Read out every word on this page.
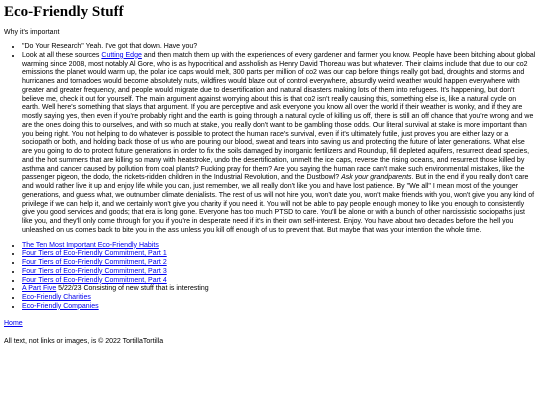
Eco-Friendly Stuff

Why it's important

• "Do Your Research" Yeah. I've got that down. Have you?
• Look at all these sources Cutting Edge and then match them up with the experiences of every gardener and farmer you know. People have been bitching about global warming since 2008, most notably Al Gore, who is as hypocritical and assholish as Henry David Thoreau was but whatever. Their claims include that due to our co2 emissions the planet would warm up, the polar ice caps would melt, 300 parts per million of co2 was our cap before things really got bad, droughts and storms and hurricanes and tornadoes would become absolutely nuts, wildfires would blaze out of control everywhere, absurdly weird weather would happen everywhere with greater and greater frequency, and people would migrate due to desertification and natural disasters making lots of them into refugees. It's happening, but don't believe me, check it out for yourself. The main argument against worrying about this is that co2 isn't really causing this, something else is, like a natural cycle on earth. Well here's something that slays that argument. If you are perceptive and ask everyone you know all over the world if their weather is wonky, and if they are mostly saying yes, then even if you're probably right and the earth is going through a natural cycle of killing us off, there is still an off chance that you're wrong and we are the ones doing this to ourselves, and with so much at stake, you really don't want to be gambling those odds. Our literal survival at stake is more important than you being right. You not helping to do whatever is possible to protect the human race's survival, even if it's ultimately futile, just proves you are either lazy or a sociopath or both, and holding back those of us who are pouring our blood, sweat and tears into saving us and protecting the future of later generations. What else are you going to do to protect future generations in order to fix the soils damaged by inorganic fertilizers and Roundup, fill depleted aquifers, resurrect dead species, and the hot summers that are killing so many with heatstroke, undo the desertification, unmelt the ice caps, reverse the rising oceans, and resurrect those killed by asthma and cancer caused by pollution from coal plants? Fucking pray for them? Are you saying the human race can't make such environmental mistakes, like the passenger pigeon, the dodo, the rickets-ridden children in the Industrial Revolution, and the Dustbowl? Ask your grandparents. But in the end if you really don't care and would rather live it up and enjoy life while you can, just remember, we all really don't like you and have lost patience. By "We all" I mean most of the younger generations, and guess what, we outnumber climate denialists. The rest of us will not hire you, won't date you, won't make friends with you, won't give you any kind of privilege if we can help it, and we certainly won't give you charity if you need it. You will not be able to pay people enough money to like you enough to consistently give you good services and goods; that era is long gone. Everyone has too much PTSD to care. You'll be alone or with a bunch of other narcissistic sociopaths just like you, and they'll only come through for you if you're in desperate need if it's in their own self-interest. Enjoy. You have about two decades before the hell you unleashed on us comes back to bite you in the ass unless you kill off enough of us to prevent that. But maybe that was your intention the whole time.
• The Ten Most Important Eco-Friendly Habits
• Four Tiers of Eco-Friendly Commitment, Part 1
• Four Tiers of Eco-Friendly Commitment, Part 2
• Four Tiers of Eco-Friendly Commitment, Part 3
• Four Tiers of Eco-Friendly Commitment, Part 4
• A Part Five 5/22/23 Consisting of new stuff that is interesting
• Eco-Friendly Charities
• Eco-Friendly Companies

Home

All text, not links or images, is © 2022 TortillaTortilla
